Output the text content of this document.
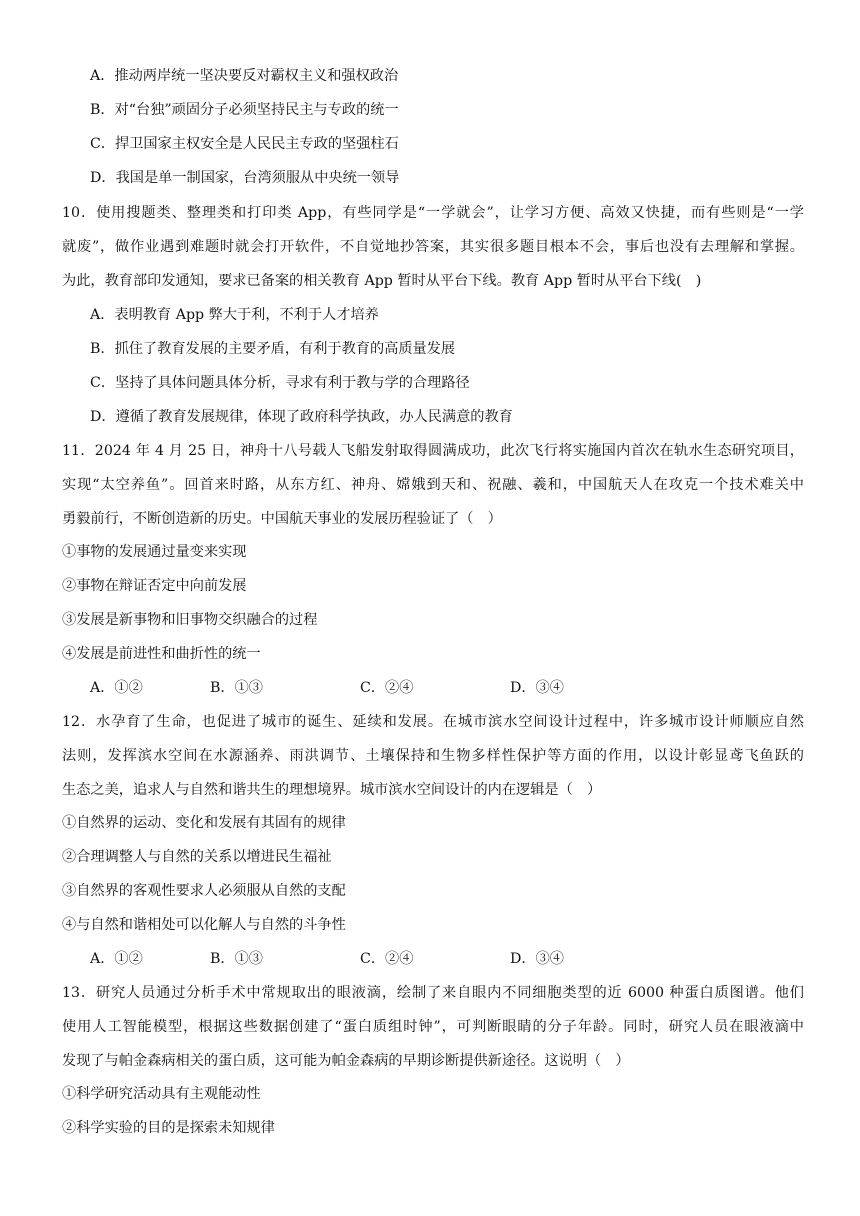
A．推动两岸统一坚决要反对霸权主义和强权政治
B．对“台独”顽固分子必须坚持民主与专政的统一
C．捍卫国家主权安全是人民民主专政的坚强柱石
D．我国是单一制国家，台湾须服从中央统一领导
10．使用搜题类、整理类和打印类 App，有些同学是“一学就会”，让学习方便、高效又快捷，而有些则是“一学
就废”，做作业遇到难题时就会打开软件，不自觉地抄答案，其实很多题目根本不会，事后也没有去理解和掌握。
为此，教育部印发通知，要求已备案的相关教育 App 暂时从平台下线。教育 App 暂时从平台下线(　)
A．表明教育 App 弊大于利，不利于人才培养
B．抓住了教育发展的主要矛盾，有利于教育的高质量发展
C．坚持了具体问题具体分析，寻求有利于教与学的合理路径
D．遵循了教育发展规律，体现了政府科学执政，办人民满意的教育
11．2024 年 4 月 25 日，神舟十八号载人飞船发射取得圆满成功，此次飞行将实施国内首次在轨水生态研究项目，
实现“太空养鱼”。回首来时路，从东方红、神舟、嫦娥到天和、祝融、羲和，中国航天人在攻克一个技术难关中
勇毅前行，不断创造新的历史。中国航天事业的发展历程验证了（　）
①事物的发展通过量变来实现
②事物在辩证否定中向前发展
③发展是新事物和旧事物交织融合的过程
④发展是前进性和曲折性的统一
A．①②	B．①③	C．②④	D．③④
12．水孕育了生命，也促进了城市的诞生、延续和发展。在城市滨水空间设计过程中，许多城市设计师顺应自然
法则，发挥滨水空间在水源涵养、雨洪调节、土壤保持和生物多样性保护等方面的作用，以设计彰显鸢飞鱼跃的
生态之美，追求人与自然和谐共生的理想境界。城市滨水空间设计的内在逻辑是（　）
①自然界的运动、变化和发展有其固有的规律
②合理调整人与自然的关系以增进民生福祉
③自然界的客观性要求人必须服从自然的支配
④与自然和谐相处可以化解人与自然的斗争性
A．①②	B．①③	C．②④	D．③④
13．研究人员通过分析手术中常规取出的眼液滴，绘制了来自眼内不同细胞类型的近 6000 种蛋白质图谱。他们
使用人工智能模型，根据这些数据创建了“蛋白质组时钟”，可判断眼睛的分子年龄。同时，研究人员在眼液滴中
发现了与帕金森病相关的蛋白质，这可能为帕金森病的早期诊断提供新途径。这说明（　）
①科学研究活动具有主观能动性
②科学实验的目的是探索未知规律
